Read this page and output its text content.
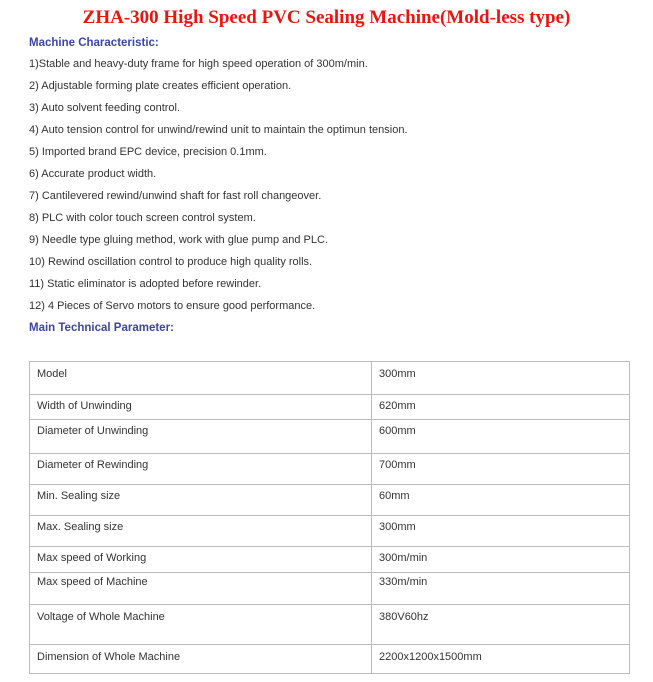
ZHA-300 High Speed PVC Sealing Machine(Mold-less type)
Machine Characteristic:
1)Stable and heavy-duty frame for high speed operation of 300m/min.
2) Adjustable forming plate creates efficient operation.
3) Auto solvent feeding control.
4) Auto tension control for unwind/rewind unit to maintain the optimun tension.
5) Imported brand EPC device, precision 0.1mm.
6) Accurate product width.
7) Cantilevered rewind/unwind shaft for fast roll changeover.
8) PLC with color touch screen control system.
9) Needle type gluing method, work with glue pump and PLC.
10) Rewind oscillation control to produce high quality rolls.
11) Static eliminator is adopted before rewinder.
12) 4 Pieces of Servo motors to ensure good performance.
Main Technical Parameter:
Model	300mm
Width of Unwinding	620mm
Diameter of Unwinding	600mm
Diameter of Rewinding	700mm
Min. Sealing size	60mm
Max. Sealing size	300mm
Max speed of Working	300m/min
Max speed of Machine	330m/min
Voltage of Whole Machine	380V60hz
Dimension of Whole Machine	2200x1200x1500mm
